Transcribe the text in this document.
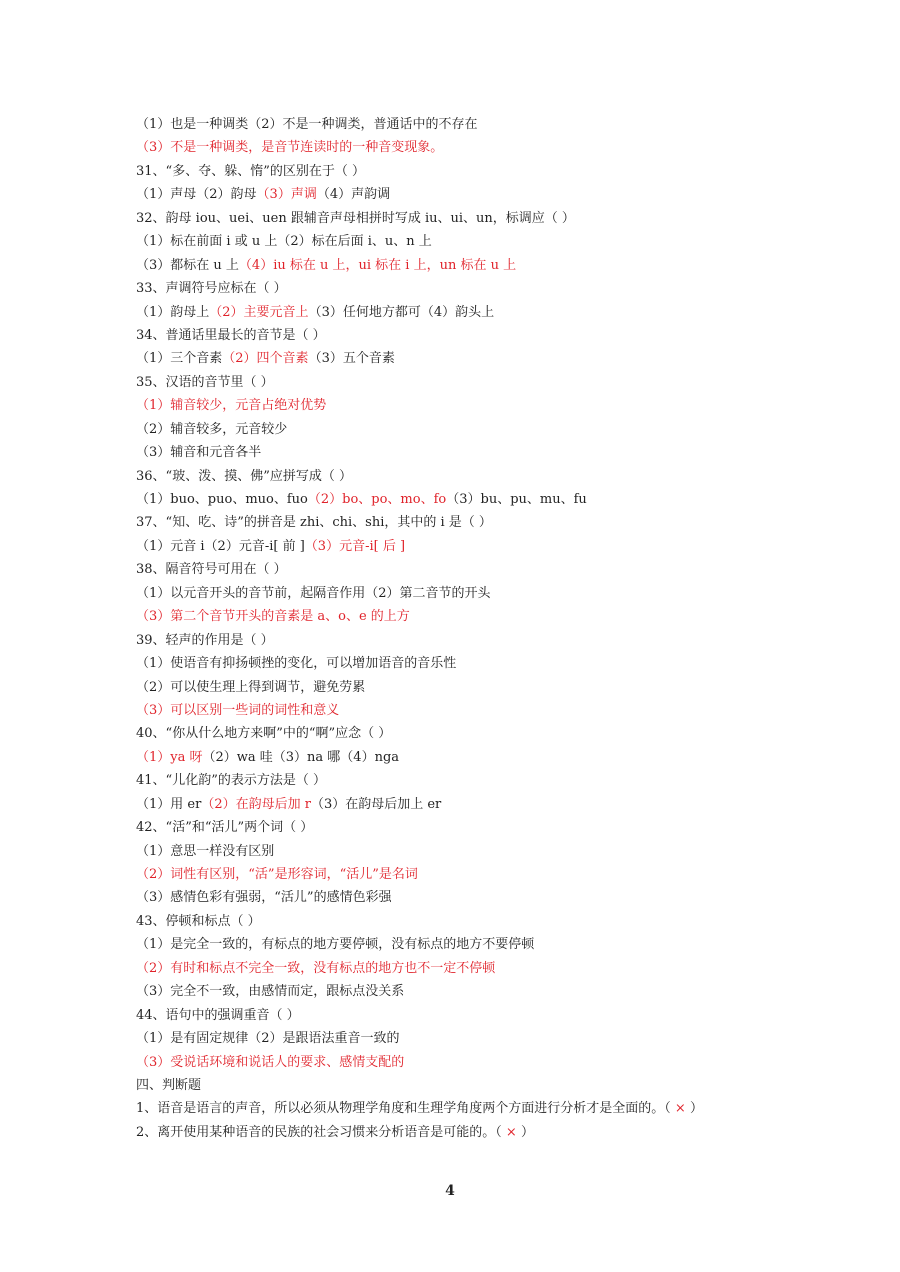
（1）也是一种调类（2）不是一种调类，普通话中的不存在
（3）不是一种调类，是音节连读时的一种音变现象。
31、“多、夺、躲、惰”的区别在于（ ）
（1）声母（2）韵母（3）声调（4）声韵调
32、韵母 iou、uei、uen 跟辅音声母相拼时写成 iu、ui、un，标调应（ ）
（1）标在前面 i 或 u 上（2）标在后面 i、u、n 上
（3）都标在 u 上（4）iu 标在 u 上，ui 标在 i 上，un 标在 u 上
33、声调符号应标在（ ）
（1）韵母上（2）主要元音上（3）任何地方都可（4）韵头上
34、普通话里最长的音节是（ ）
（1）三个音素（2）四个音素（3）五个音素
35、汉语的音节里（ ）
（1）辅音较少，元音占绝对优势
（2）辅音较多，元音较少
（3）辅音和元音各半
36、“玻、泼、摸、佛”应拼写成（ ）
（1）buo、puo、muo、fuo（2）bo、po、mo、fo（3）bu、pu、mu、fu
37、“知、吃、诗”的拼音是 zhi、chi、shi，其中的 i 是（ ）
（1）元音 i（2）元音-i[ 前 ]（3）元音-i[ 后 ]
38、隔音符号可用在（ ）
（1）以元音开头的音节前，起隔音作用（2）第二音节的开头
（3）第二个音节开头的音素是 a、o、e 的上方
39、轻声的作用是（ ）
（1）使语音有抑扬顿挫的变化，可以增加语音的音乐性
（2）可以使生理上得到调节，避免劳累
（3）可以区别一些词的词性和意义
40、“你从什么地方来啊”中的“啊”应念（ ）
（1）ya 呀（2）wa 哇（3）na 哪（4）nga
41、“儿化韵”的表示方法是（ ）
（1）用 er（2）在韵母后加 r（3）在韵母后加上 er
42、“活”和“活儿”两个词（ ）
（1）意思一样没有区别
（2）词性有区别，“活”是形容词，“活儿”是名词
（3）感情色彩有强弱，“活儿”的感情色彩强
43、停顿和标点（ ）
（1）是完全一致的，有标点的地方要停顿，没有标点的地方不要停顿
（2）有时和标点不完全一致，没有标点的地方也不一定不停顿
（3）完全不一致，由感情而定，跟标点没关系
44、语句中的强调重音（ ）
（1）是有固定规律（2）是跟语法重音一致的
（3）受说话环境和说话人的要求、感情支配的
四、判断题
1、语音是语言的声音，所以必须从物理学角度和生理学角度两个方面进行分析才是全面的。（ × ）
2、离开使用某种语音的民族的社会习惯来分析语音是可能的。（ × ）
4
